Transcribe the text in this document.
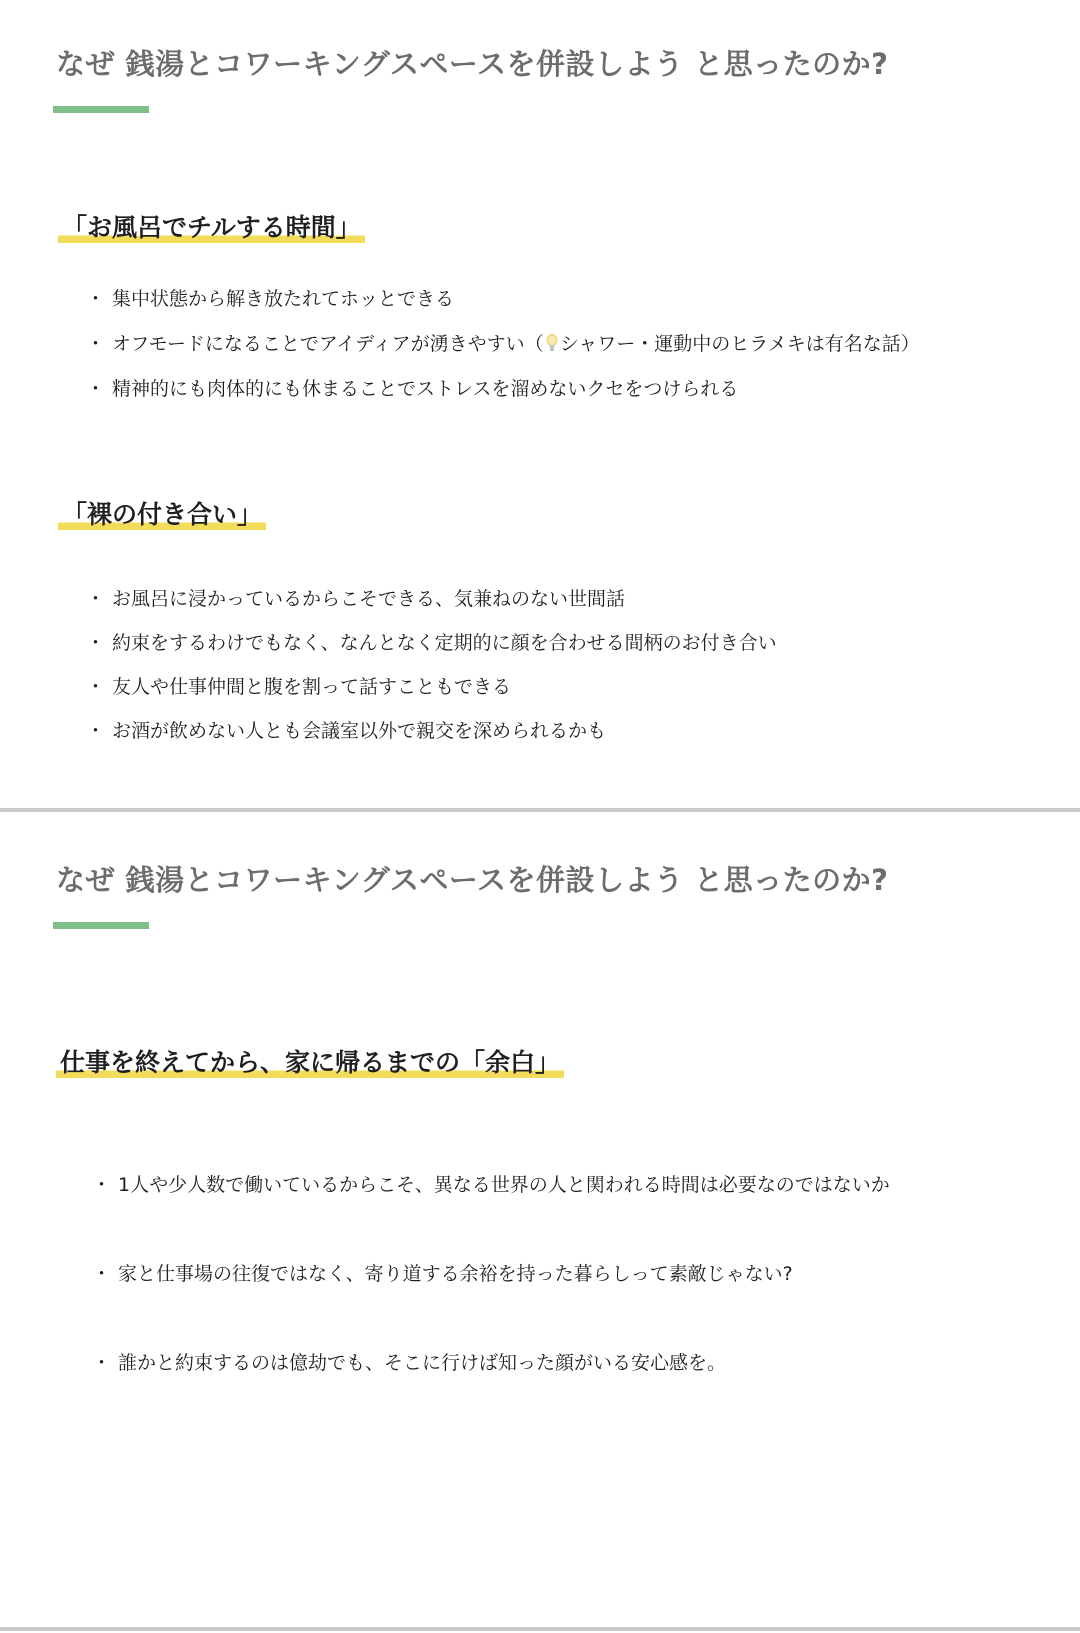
なぜ 銭湯とコワーキングスペースを併設しよう と思ったのか?
「お風呂でチルする時間」
・ 集中状態から解き放たれてホッとできる
・ オフモードになることでアイディアが湧きやすい（ シャワー・運動中のヒラメキは有名な話）
・ 精神的にも肉体的にも休まることでストレスを溜めないクセをつけられる
「裸の付き合い」
・ お風呂に浸かっているからこそできる、気兼ねのない世間話
・ 約束をするわけでもなく、なんとなく定期的に顔を合わせる間柄のお付き合い
・ 友人や仕事仲間と腹を割って話すこともできる
・ お酒が飲めない人とも会議室以外で親交を深められるかも
なぜ 銭湯とコワーキングスペースを併設しよう と思ったのか?
仕事を終えてから、家に帰るまでの「余白」
・ 1人や少人数で働いているからこそ、異なる世界の人と関われる時間は必要なのではないか
・ 家と仕事場の往復ではなく、寄り道する余裕を持った暮らしって素敵じゃない?
・ 誰かと約束するのは億劫でも、そこに行けば知った顔がいる安心感を。
